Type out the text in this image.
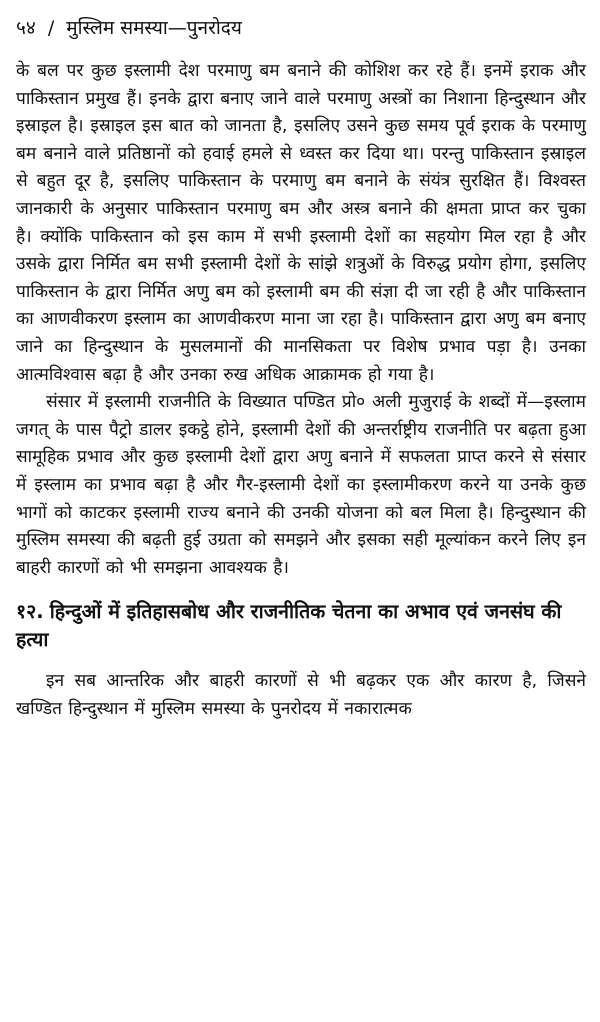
५४ / मुस्लिम समस्या—पुनरोदय

के बल पर कुछ इस्लामी देश परमाणु बम बनाने की कोशिश कर रहे हैं। इनमें इराक और पाकिस्तान प्रमुख हैं। इनके द्वारा बनाए जाने वाले परमाणु अस्त्रों का निशाना हिन्दुस्थान और इस्राइल है। इस्राइल इस बात को जानता है, इसलिए उसने कुछ समय पूर्व इराक के परमाणु बम बनाने वाले प्रतिष्ठानों को हवाई हमले से ध्वस्त कर दिया था। परन्तु पाकिस्तान इस्राइल से बहुत दूर है, इसलिए पाकिस्तान के परमाणु बम बनाने के संयंत्र सुरक्षित हैं। विश्वस्त जानकारी के अनुसार पाकिस्तान परमाणु बम और अस्त्र बनाने की क्षमता प्राप्त कर चुका है। क्योंकि पाकिस्तान को इस काम में सभी इस्लामी देशों का सहयोग मिल रहा है और उसके द्वारा निर्मित बम सभी इस्लामी देशों के सांझे शत्रुओं के विरुद्ध प्रयोग होगा, इसलिए पाकिस्तान के द्वारा निर्मित अणु बम को इस्लामी बम की संज्ञा दी जा रही है और पाकिस्तान का आणवीकरण इस्लाम का आणवीकरण माना जा रहा है। पाकिस्तान द्वारा अणु बम बनाए जाने का हिन्दुस्थान के मुसलमानों की मानसिकता पर विशेष प्रभाव पड़ा है। उनका आत्मविश्वास बढ़ा है और उनका रुख अधिक आक्रामक हो गया है।

संसार में इस्लामी राजनीति के विख्यात पण्डित प्रो० अली मुजुराई के शब्दों में—इस्लाम जगत् के पास पैट्रो डालर इकट्ठे होने, इस्लामी देशों की अन्तर्राष्ट्रीय राजनीति पर बढ़ता हुआ सामूहिक प्रभाव और कुछ इस्लामी देशों द्वारा अणु बनाने में सफलता प्राप्त करने से संसार में इस्लाम का प्रभाव बढ़ा है और गैर-इस्लामी देशों का इस्लामीकरण करने या उनके कुछ भागों को काटकर इस्लामी राज्य बनाने की उनकी योजना को बल मिला है। हिन्दुस्थान की मुस्लिम समस्या की बढ़ती हुई उग्रता को समझने और इसका सही मूल्यांकन करने लिए इन बाहरी कारणों को भी समझना आवश्यक है।

१२. हिन्दुओं में इतिहासबोध और राजनीतिक चेतना का अभाव एवं जनसंघ की हत्या

इन सब आन्तरिक और बाहरी कारणों से भी बढ़कर एक और कारण है, जिसने खण्डित हिन्दुस्थान में मुस्लिम समस्या के पुनरोदय में नकारात्मक
